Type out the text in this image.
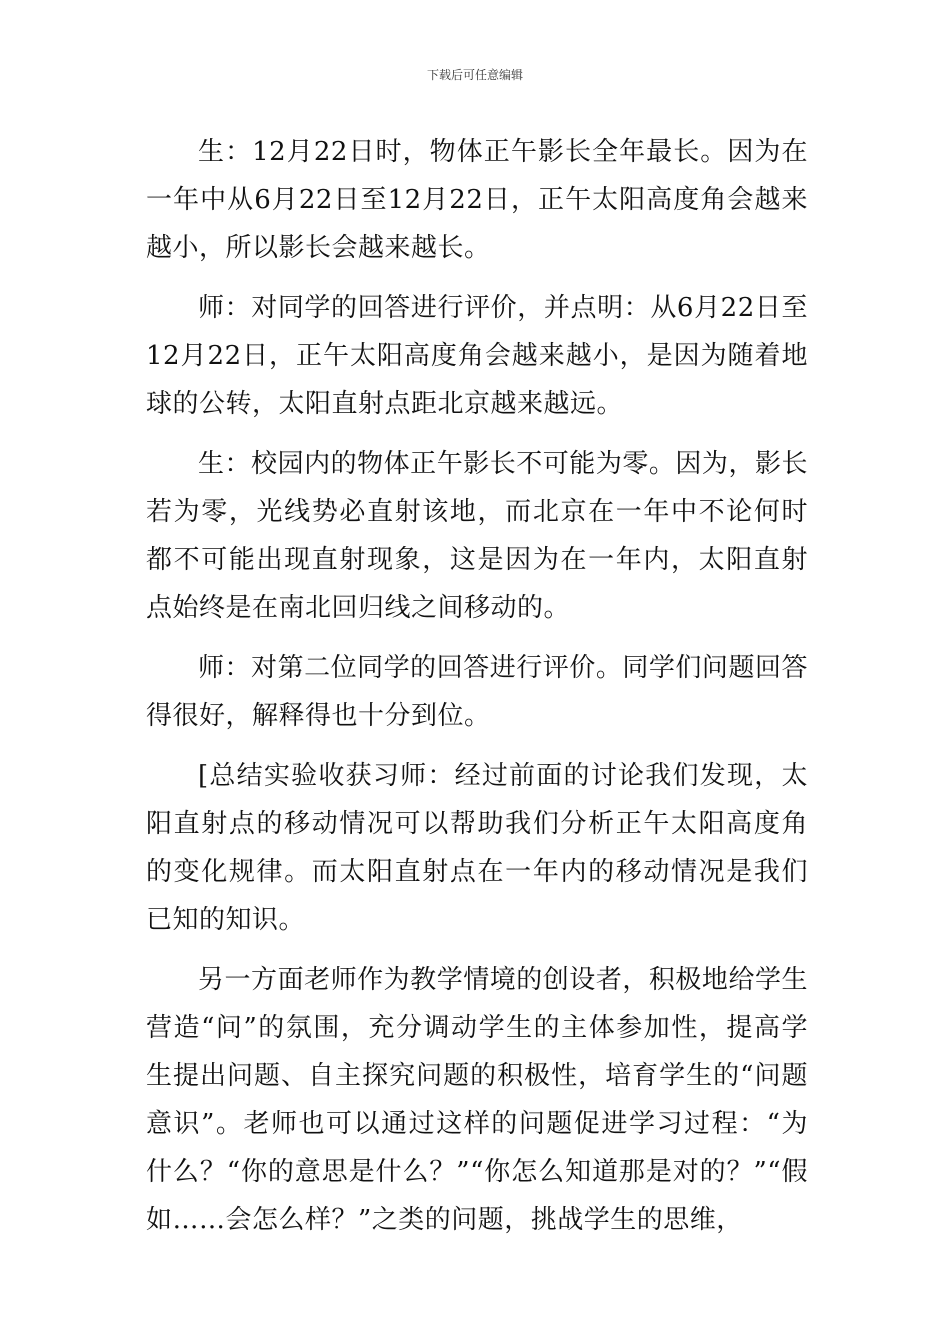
下载后可任意编辑

生：12月22日时，物体正午影长全年最长。因为在一年中从6月22日至12月22日，正午太阳高度角会越来越小，所以影长会越来越长。

师：对同学的回答进行评价，并点明：从6月22日至12月22日，正午太阳高度角会越来越小，是因为随着地球的公转，太阳直射点距北京越来越远。

生：校园内的物体正午影长不可能为零。因为，影长若为零，光线势必直射该地，而北京在一年中不论何时都不可能出现直射现象，这是因为在一年内，太阳直射点始终是在南北回归线之间移动的。

师：对第二位同学的回答进行评价。同学们问题回答得很好，解释得也十分到位。

[总结实验收获习师：经过前面的讨论我们发现，太阳直射点的移动情况可以帮助我们分析正午太阳高度角的变化规律。而太阳直射点在一年内的移动情况是我们已知的知识。

另一方面老师作为教学情境的创设者，积极地给学生营造“问”的氛围，充分调动学生的主体参加性，提高学生提出问题、自主探究问题的积极性，培育学生的“问题意识”。老师也可以通过这样的问题促进学习过程：“为什么？“你的意思是什么？”“你怎么知道那是对的？”“假如……会怎么样？”之类的问题，挑战学生的思维，
